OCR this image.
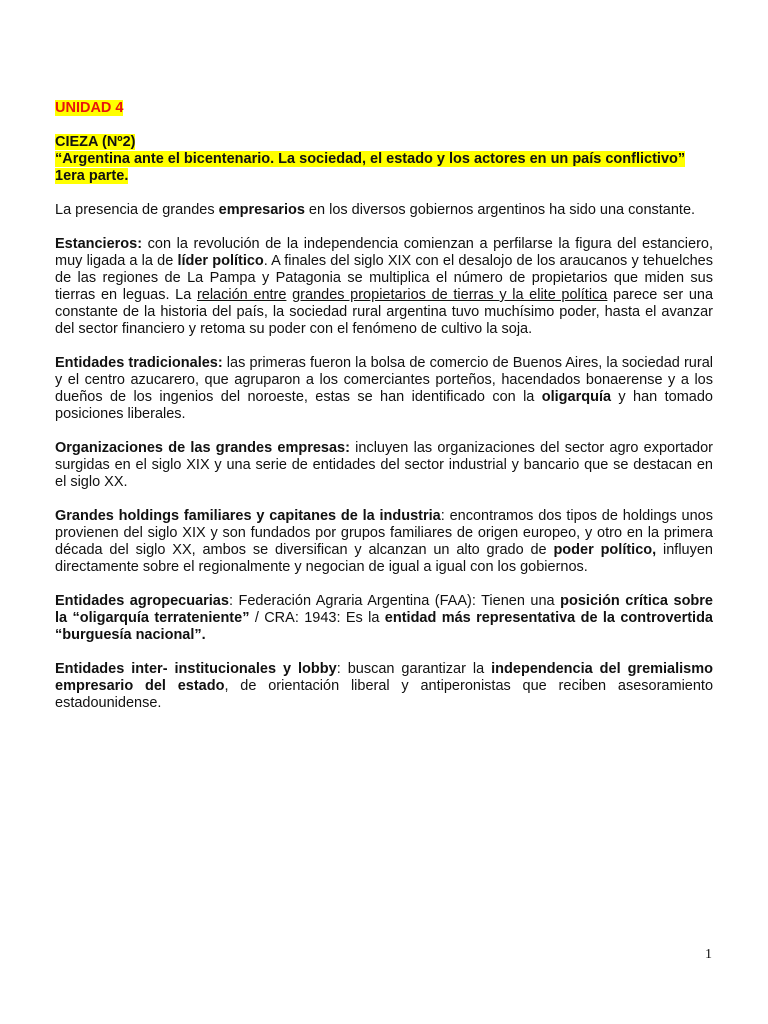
UNIDAD 4
CIEZA (Nº2)

“Argentina ante el bicentenario. La sociedad, el estado y los actores en un país conflictivo”

1era parte.

La presencia de grandes empresarios en los diversos gobiernos argentinos ha sido una constante.

Estancieros: con la revolución de la independencia comienzan a perfilarse la figura del estanciero, muy ligada a la de líder político. A finales del siglo XIX con el desalojo de los araucanos y tehuelches de las regiones de La Pampa y Patagonia se multiplica el número de propietarios que miden sus tierras en leguas. La relación entre grandes propietarios de tierras y la elite política parece ser una constante de la historia del país, la sociedad rural argentina tuvo muchísimo poder, hasta el avanzar del sector financiero y retoma su poder con el fenómeno de cultivo la soja.

Entidades tradicionales: las primeras fueron la bolsa de comercio de Buenos Aires, la sociedad rural y el centro azucarero, que agruparon a los comerciantes porteños, hacendados bonaerense y a los dueños de los ingenios del noroeste, estas se han identificado con la oligarquía y han tomado posiciones liberales.

Organizaciones de las grandes empresas: incluyen las organizaciones del sector agro exportador surgidas en el siglo XIX y una serie de entidades del sector industrial y bancario que se destacan en el siglo XX.

Grandes holdings familiares y capitanes de la industria: encontramos dos tipos de holdings unos provienen del siglo XIX y son fundados por grupos familiares de origen europeo, y otro en la primera década del siglo XX, ambos se diversifican y alcanzan un alto grado de poder político, influyen directamente sobre el regionalmente y negocian de igual a igual con los gobiernos.

Entidades agropecuarias: Federación Agraria Argentina (FAA): Tienen una posición crítica sobre la “oligarquía terrateniente” / CRA: 1943: Es la entidad más representativa de la controvertida “burguesía nacional”.

Entidades inter- institucionales y lobby: buscan garantizar la independencia del gremialismo empresario del estado, de orientación liberal y antiperonistas que reciben asesoramiento estadounidense.

1
